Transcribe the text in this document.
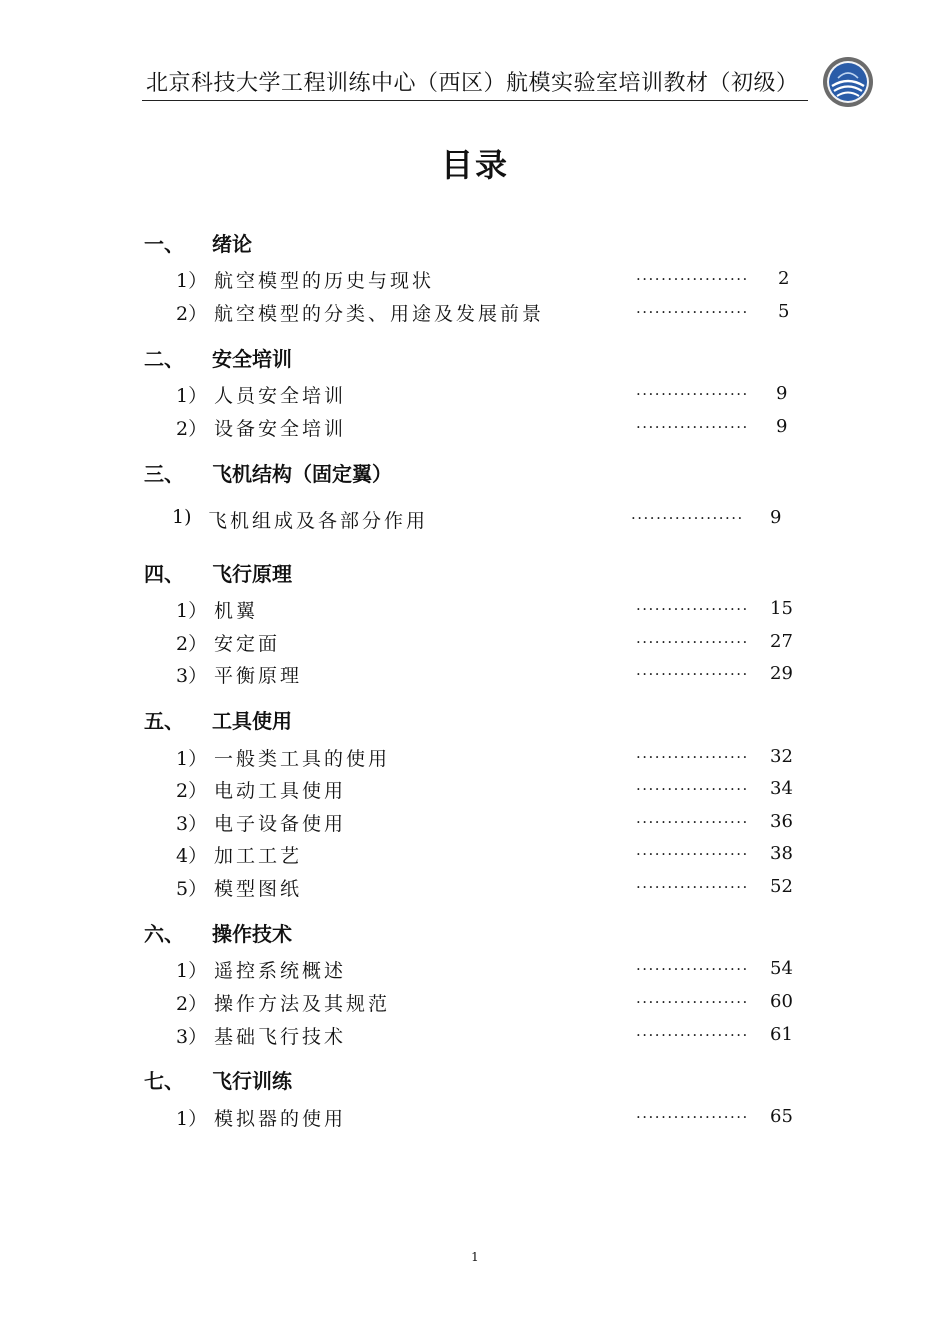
北京科技大学工程训练中心（西区）航模实验室培训教材（初级）
目录
一、 绪论
1） 航空模型的历史与现状	·················· 2
2） 航空模型的分类、用途及发展前景	·················· 5
二、 安全培训
1） 人员安全培训	·················· 9
2） 设备安全培训	·················· 9
三、 飞机结构（固定翼）
1) 飞机组成及各部分作用	·················· 9
四、 飞行原理
1） 机翼	·················· 15
2） 安定面	·················· 27
3） 平衡原理	·················· 29
五、 工具使用
1） 一般类工具的使用	·················· 32
2） 电动工具使用	·················· 34
3） 电子设备使用	·················· 36
4） 加工工艺	·················· 38
5） 模型图纸	·················· 52
六、 操作技术
1） 遥控系统概述	·················· 54
2） 操作方法及其规范	·················· 60
3） 基础飞行技术	·················· 61
七、 飞行训练
1） 模拟器的使用	·················· 65
1
